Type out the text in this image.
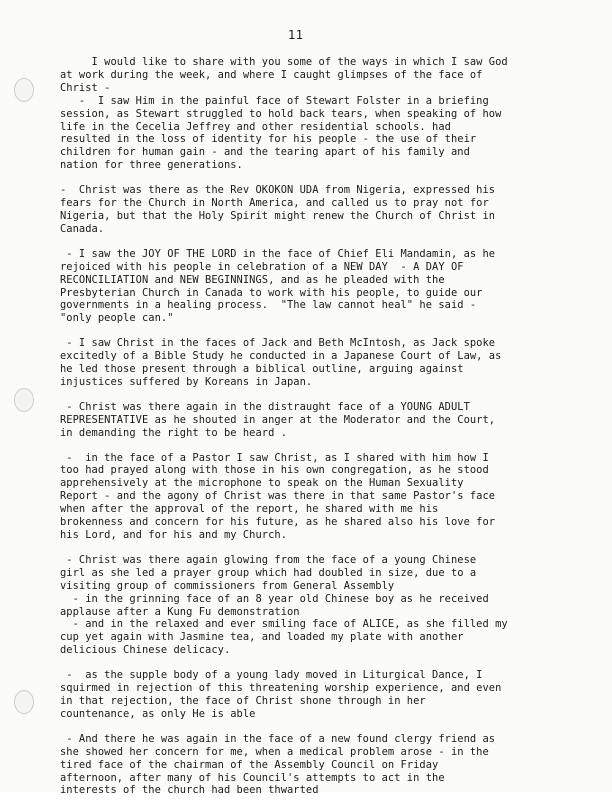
11
I would like to share with you some of the ways in which I saw God
at work during the week, and where I caught glimpses of the face of
Christ -
-  I saw Him in the painful face of Stewart Folster in a briefing
session, as Stewart struggled to hold back tears, when speaking of how
life in the Cecelia Jeffrey and other residential schools. had
resulted in the loss of identity for his people - the use of their
children for human gain - and the tearing apart of his family and
nation for three generations.
-  Christ was there as the Rev OKOKON UDA from Nigeria, expressed his
fears for the Church in North America, and called us to pray not for
Nigeria, but that the Holy Spirit might renew the Church of Christ in
Canada.
- I saw the JOY OF THE LORD in the face of Chief Eli Mandamin, as he
rejoiced with his people in celebration of a NEW DAY  - A DAY OF
RECONCILIATION and NEW BEGINNINGS, and as he pleaded with the
Presbyterian Church in Canada to work with his people, to guide our
governments in a healing process.  "The law cannot heal" he said -
"only people can."
- I saw Christ in the faces of Jack and Beth McIntosh, as Jack spoke
excitedly of a Bible Study he conducted in a Japanese Court of Law, as
he led those present through a biblical outline, arguing against
injustices suffered by Koreans in Japan.
- Christ was there again in the distraught face of a YOUNG ADULT
REPRESENTATIVE as he shouted in anger at the Moderator and the Court,
in demanding the right to be heard .
-  in the face of a Pastor I saw Christ, as I shared with him how I
too had prayed along with those in his own congregation, as he stood
apprehensively at the microphone to speak on the Human Sexuality
Report - and the agony of Christ was there in that same Pastor's face
when after the approval of the report, he shared with me his
brokenness and concern for his future, as he shared also his love for
his Lord, and for his and my Church.
- Christ was there again glowing from the face of a young Chinese
girl as she led a prayer group which had doubled in size, due to a
visiting group of commissioners from General Assembly
- in the grinning face of an 8 year old Chinese boy as he received
applause after a Kung Fu demonstration
- and in the relaxed and ever smiling face of ALICE, as she filled my
cup yet again with Jasmine tea, and loaded my plate with another
delicious Chinese delicacy.
-  as the supple body of a young lady moved in Liturgical Dance, I
squirmed in rejection of this threatening worship experience, and even
in that rejection, the face of Christ shone through in her
countenance, as only He is able
- And there he was again in the face of a new found clergy friend as
she showed her concern for me, when a medical problem arose - in the
tired face of the chairman of the Assembly Council on Friday
afternoon, after many of his Council's attempts to act in the
interests of the church had been thwarted
